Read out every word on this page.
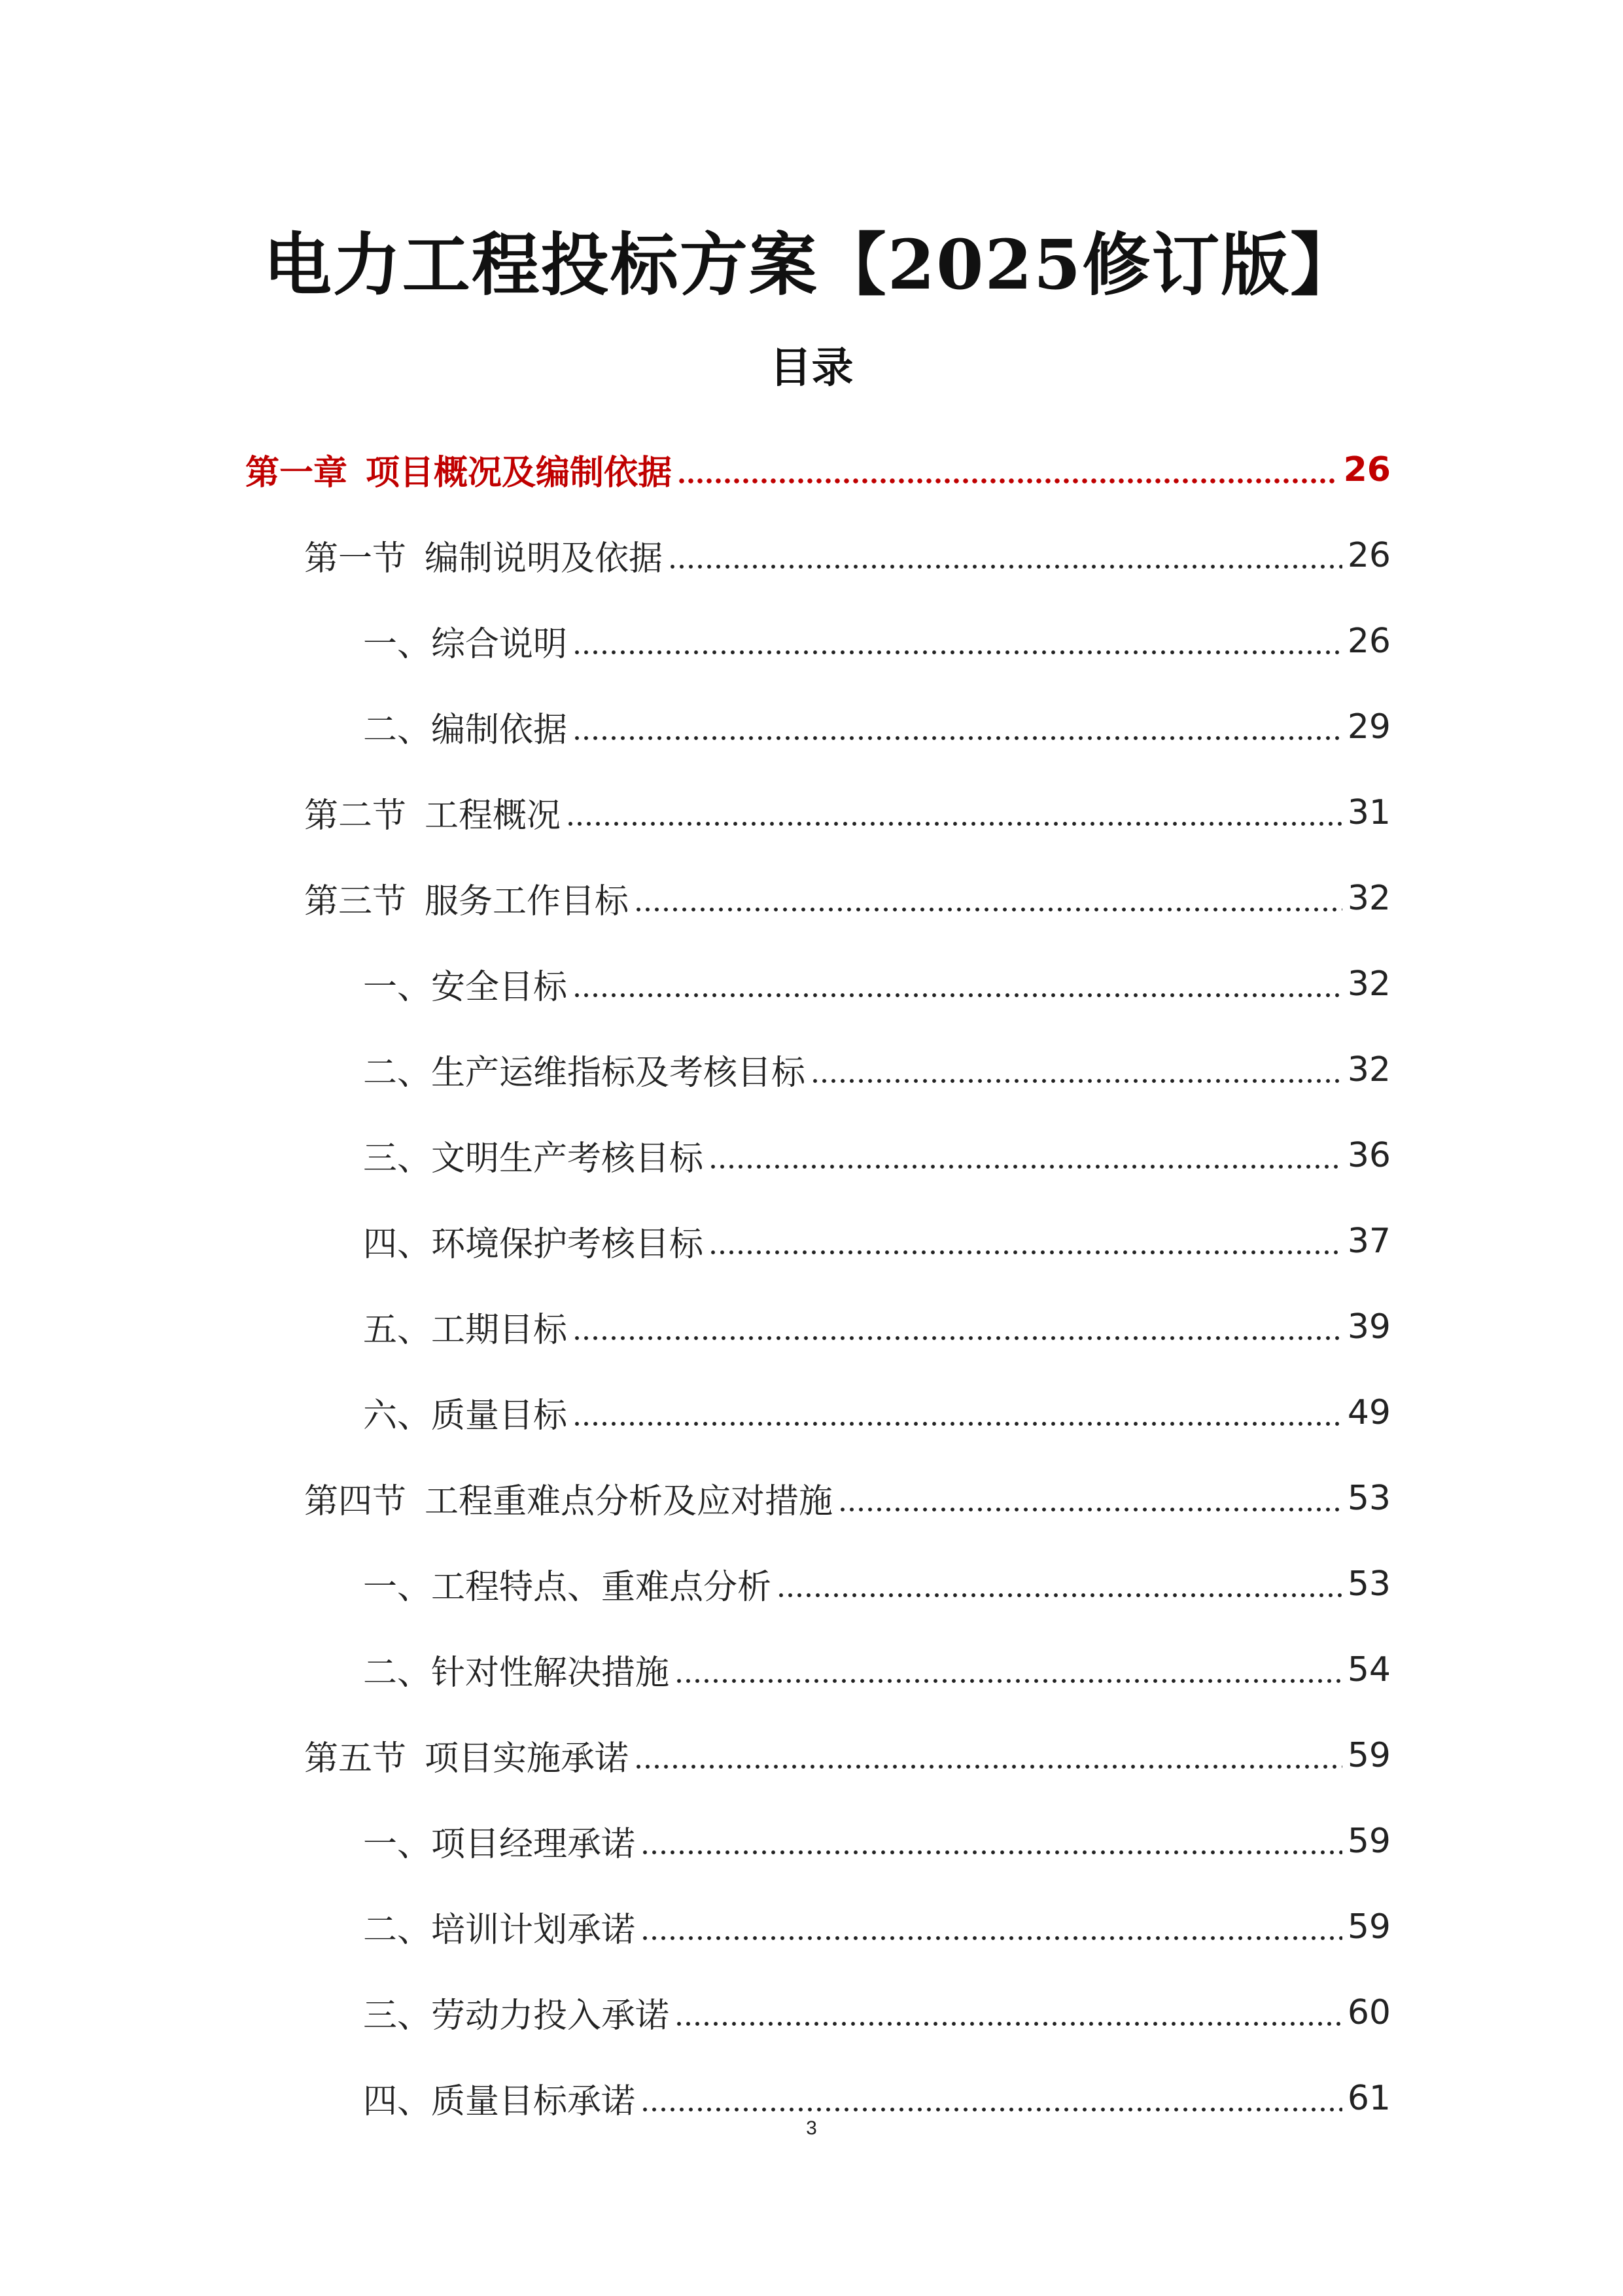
电力工程投标方案【2025修订版】
目录
第一章 项目概况及编制依据	26
第一节 编制说明及依据	26
一、综合说明	26
二、编制依据	29
第二节 工程概况	31
第三节 服务工作目标	32
一、安全目标	32
二、生产运维指标及考核目标	32
三、文明生产考核目标	36
四、环境保护考核目标	37
五、工期目标	39
六、质量目标	49
第四节 工程重难点分析及应对措施	53
一、工程特点、重难点分析	53
二、针对性解决措施	54
第五节 项目实施承诺	59
一、项目经理承诺	59
二、培训计划承诺	59
三、劳动力投入承诺	60
四、质量目标承诺	61
3
